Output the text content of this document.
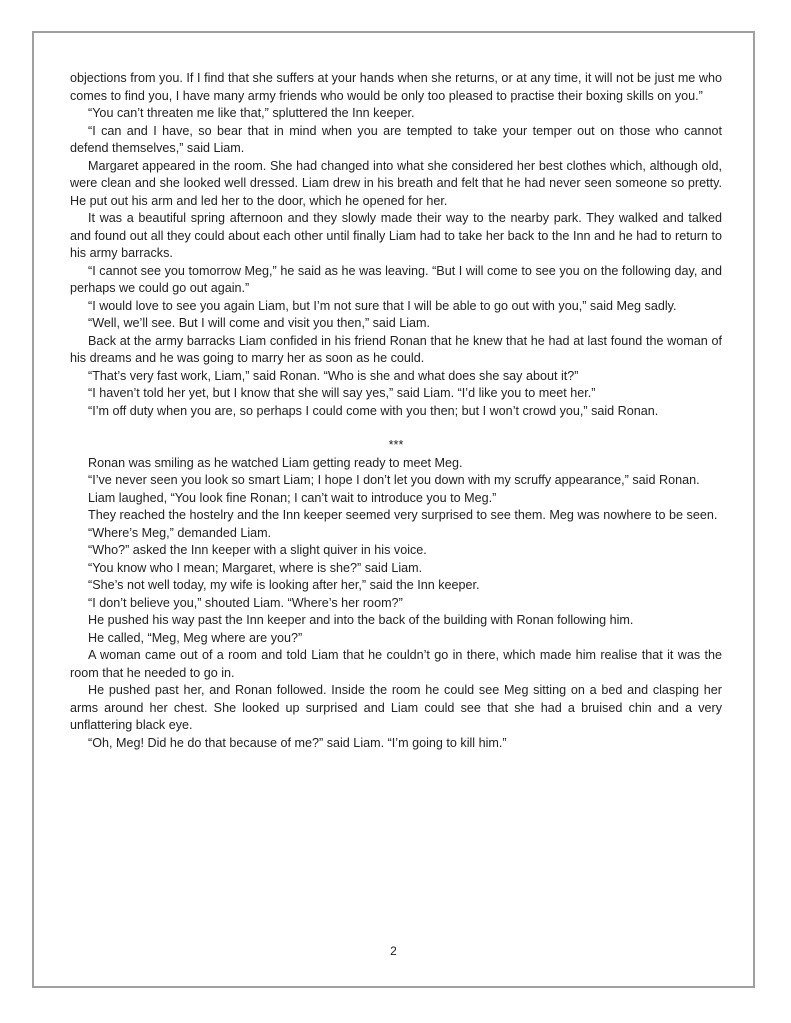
objections from you. If I find that she suffers at your hands when she returns, or at any time, it will not be just me who comes to find you, I have many army friends who would be only too pleased to practise their boxing skills on you.”

“You can’t threaten me like that,” spluttered the Inn keeper.

“I can and I have, so bear that in mind when you are tempted to take your temper out on those who cannot defend themselves,” said Liam.

Margaret appeared in the room. She had changed into what she considered her best clothes which, although old, were clean and she looked well dressed. Liam drew in his breath and felt that he had never seen someone so pretty. He put out his arm and led her to the door, which he opened for her.

It was a beautiful spring afternoon and they slowly made their way to the nearby park. They walked and talked and found out all they could about each other until finally Liam had to take her back to the Inn and he had to return to his army barracks.

“I cannot see you tomorrow Meg,” he said as he was leaving. “But I will come to see you on the following day, and perhaps we could go out again.”

“I would love to see you again Liam, but I’m not sure that I will be able to go out with you,” said Meg sadly.

“Well, we’ll see. But I will come and visit you then,” said Liam.

Back at the army barracks Liam confided in his friend Ronan that he knew that he had at last found the woman of his dreams and he was going to marry her as soon as he could.

“That’s very fast work, Liam,” said Ronan. “Who is she and what does she say about it?”

“I haven’t told her yet, but I know that she will say yes,” said Liam. “I’d like you to meet her.”

“I’m off duty when you are, so perhaps I could come with you then; but I won’t crowd you,” said Ronan.

***

Ronan was smiling as he watched Liam getting ready to meet Meg.

“I’ve never seen you look so smart Liam; I hope I don’t let you down with my scruffy appearance,” said Ronan.

Liam laughed, “You look fine Ronan; I can’t wait to introduce you to Meg.”

They reached the hostelry and the Inn keeper seemed very surprised to see them. Meg was nowhere to be seen.

“Where’s Meg,” demanded Liam.

“Who?” asked the Inn keeper with a slight quiver in his voice.

“You know who I mean; Margaret, where is she?” said Liam.

“She’s not well today, my wife is looking after her,” said the Inn keeper.

“I don’t believe you,” shouted Liam. “Where’s her room?”

He pushed his way past the Inn keeper and into the back of the building with Ronan following him.

He called, “Meg, Meg where are you?”

A woman came out of a room and told Liam that he couldn’t go in there, which made him realise that it was the room that he needed to go in.

He pushed past her, and Ronan followed. Inside the room he could see Meg sitting on a bed and clasping her arms around her chest. She looked up surprised and Liam could see that she had a bruised chin and a very unflattering black eye.

“Oh, Meg! Did he do that because of me?” said Liam. “I’m going to kill him.”

2
